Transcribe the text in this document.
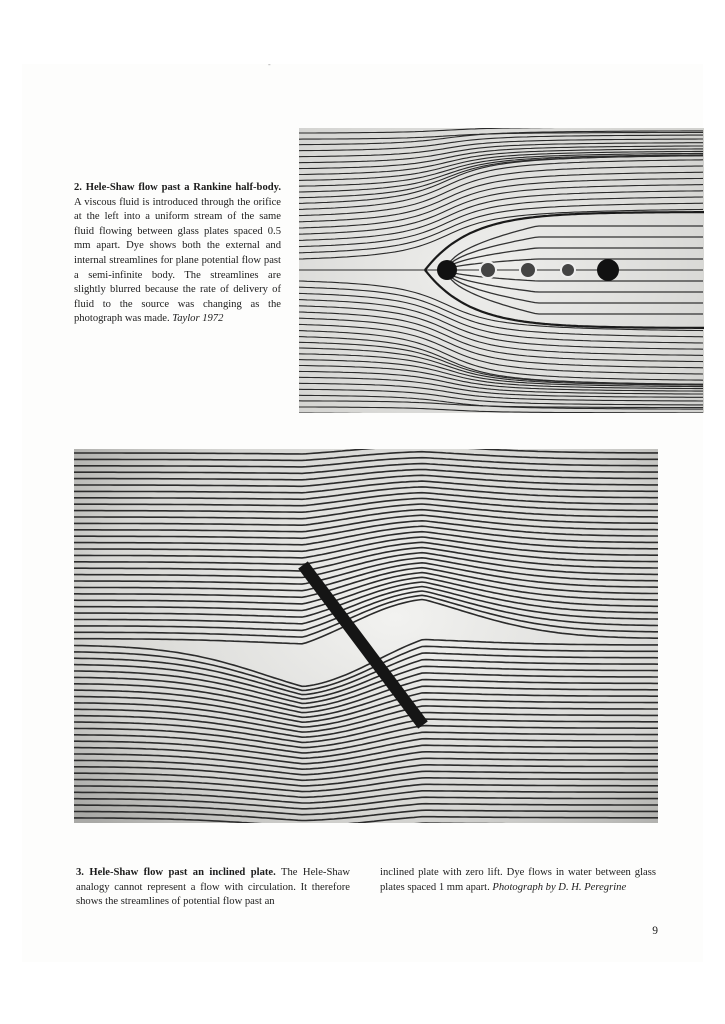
-
2. Hele-Shaw flow past a Rankine half-body. A viscous fluid is introduced through the orifice at the left into a uniform stream of the same fluid flowing between glass plates spaced 0.5 mm apart. Dye shows both the external and internal streamlines for plane potential flow past a semi-infinite body. The streamlines are slightly blurred because the rate of delivery of fluid to the source was changing as the photograph was made. Taylor 1972
3. Hele-Shaw flow past an inclined plate. The Hele-Shaw analogy cannot represent a flow with circulation. It therefore shows the streamlines of potential flow past an
inclined plate with zero lift. Dye flows in water between glass plates spaced 1 mm apart. Photograph by D. H. Peregrine
9
